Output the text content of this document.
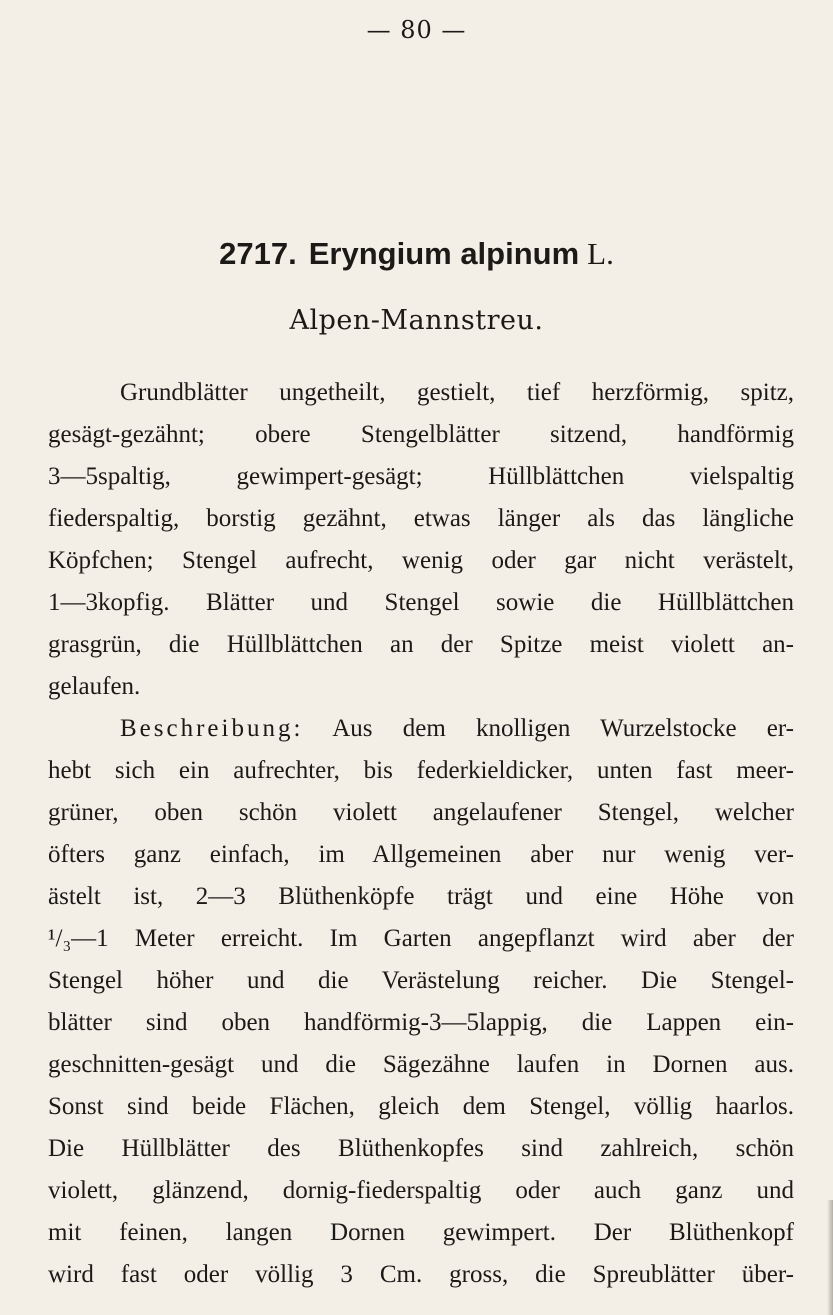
— 80 —
2717. Eryngium alpinum L.
Alpen-Mannstreu.
Grundblätter ungetheilt, gestielt, tief herzförmig, spitz,
gesägt-gezähnt; obere Stengelblätter sitzend, handförmig
3—5spaltig, gewimpert-gesägt; Hüllblättchen vielspaltig
fiederspaltig, borstig gezähnt, etwas länger als das längliche
Köpfchen; Stengel aufrecht, wenig oder gar nicht verästelt,
1—3kopfig. Blätter und Stengel sowie die Hüllblättchen
grasgrün, die Hüllblättchen an der Spitze meist violett an-
gelaufen.
Beschreibung: Aus dem knolligen Wurzelstocke er-
hebt sich ein aufrechter, bis federkieldicker, unten fast meer-
grüner, oben schön violett angelaufener Stengel, welcher
öfters ganz einfach, im Allgemeinen aber nur wenig ver-
ästelt ist, 2—3 Blüthenköpfe trägt und eine Höhe von
¹/₃—1 Meter erreicht. Im Garten angepflanzt wird aber der
Stengel höher und die Verästelung reicher. Die Stengel-
blätter sind oben handförmig-3—5lappig, die Lappen ein-
geschnitten-gesägt und die Sägezähne laufen in Dornen aus.
Sonst sind beide Flächen, gleich dem Stengel, völlig haarlos.
Die Hüllblätter des Blüthenkopfes sind zahlreich, schön
violett, glänzend, dornig-fiederspaltig oder auch ganz und
mit feinen, langen Dornen gewimpert. Der Blüthenkopf
wird fast oder völlig 3 Cm. gross, die Spreublätter über-
